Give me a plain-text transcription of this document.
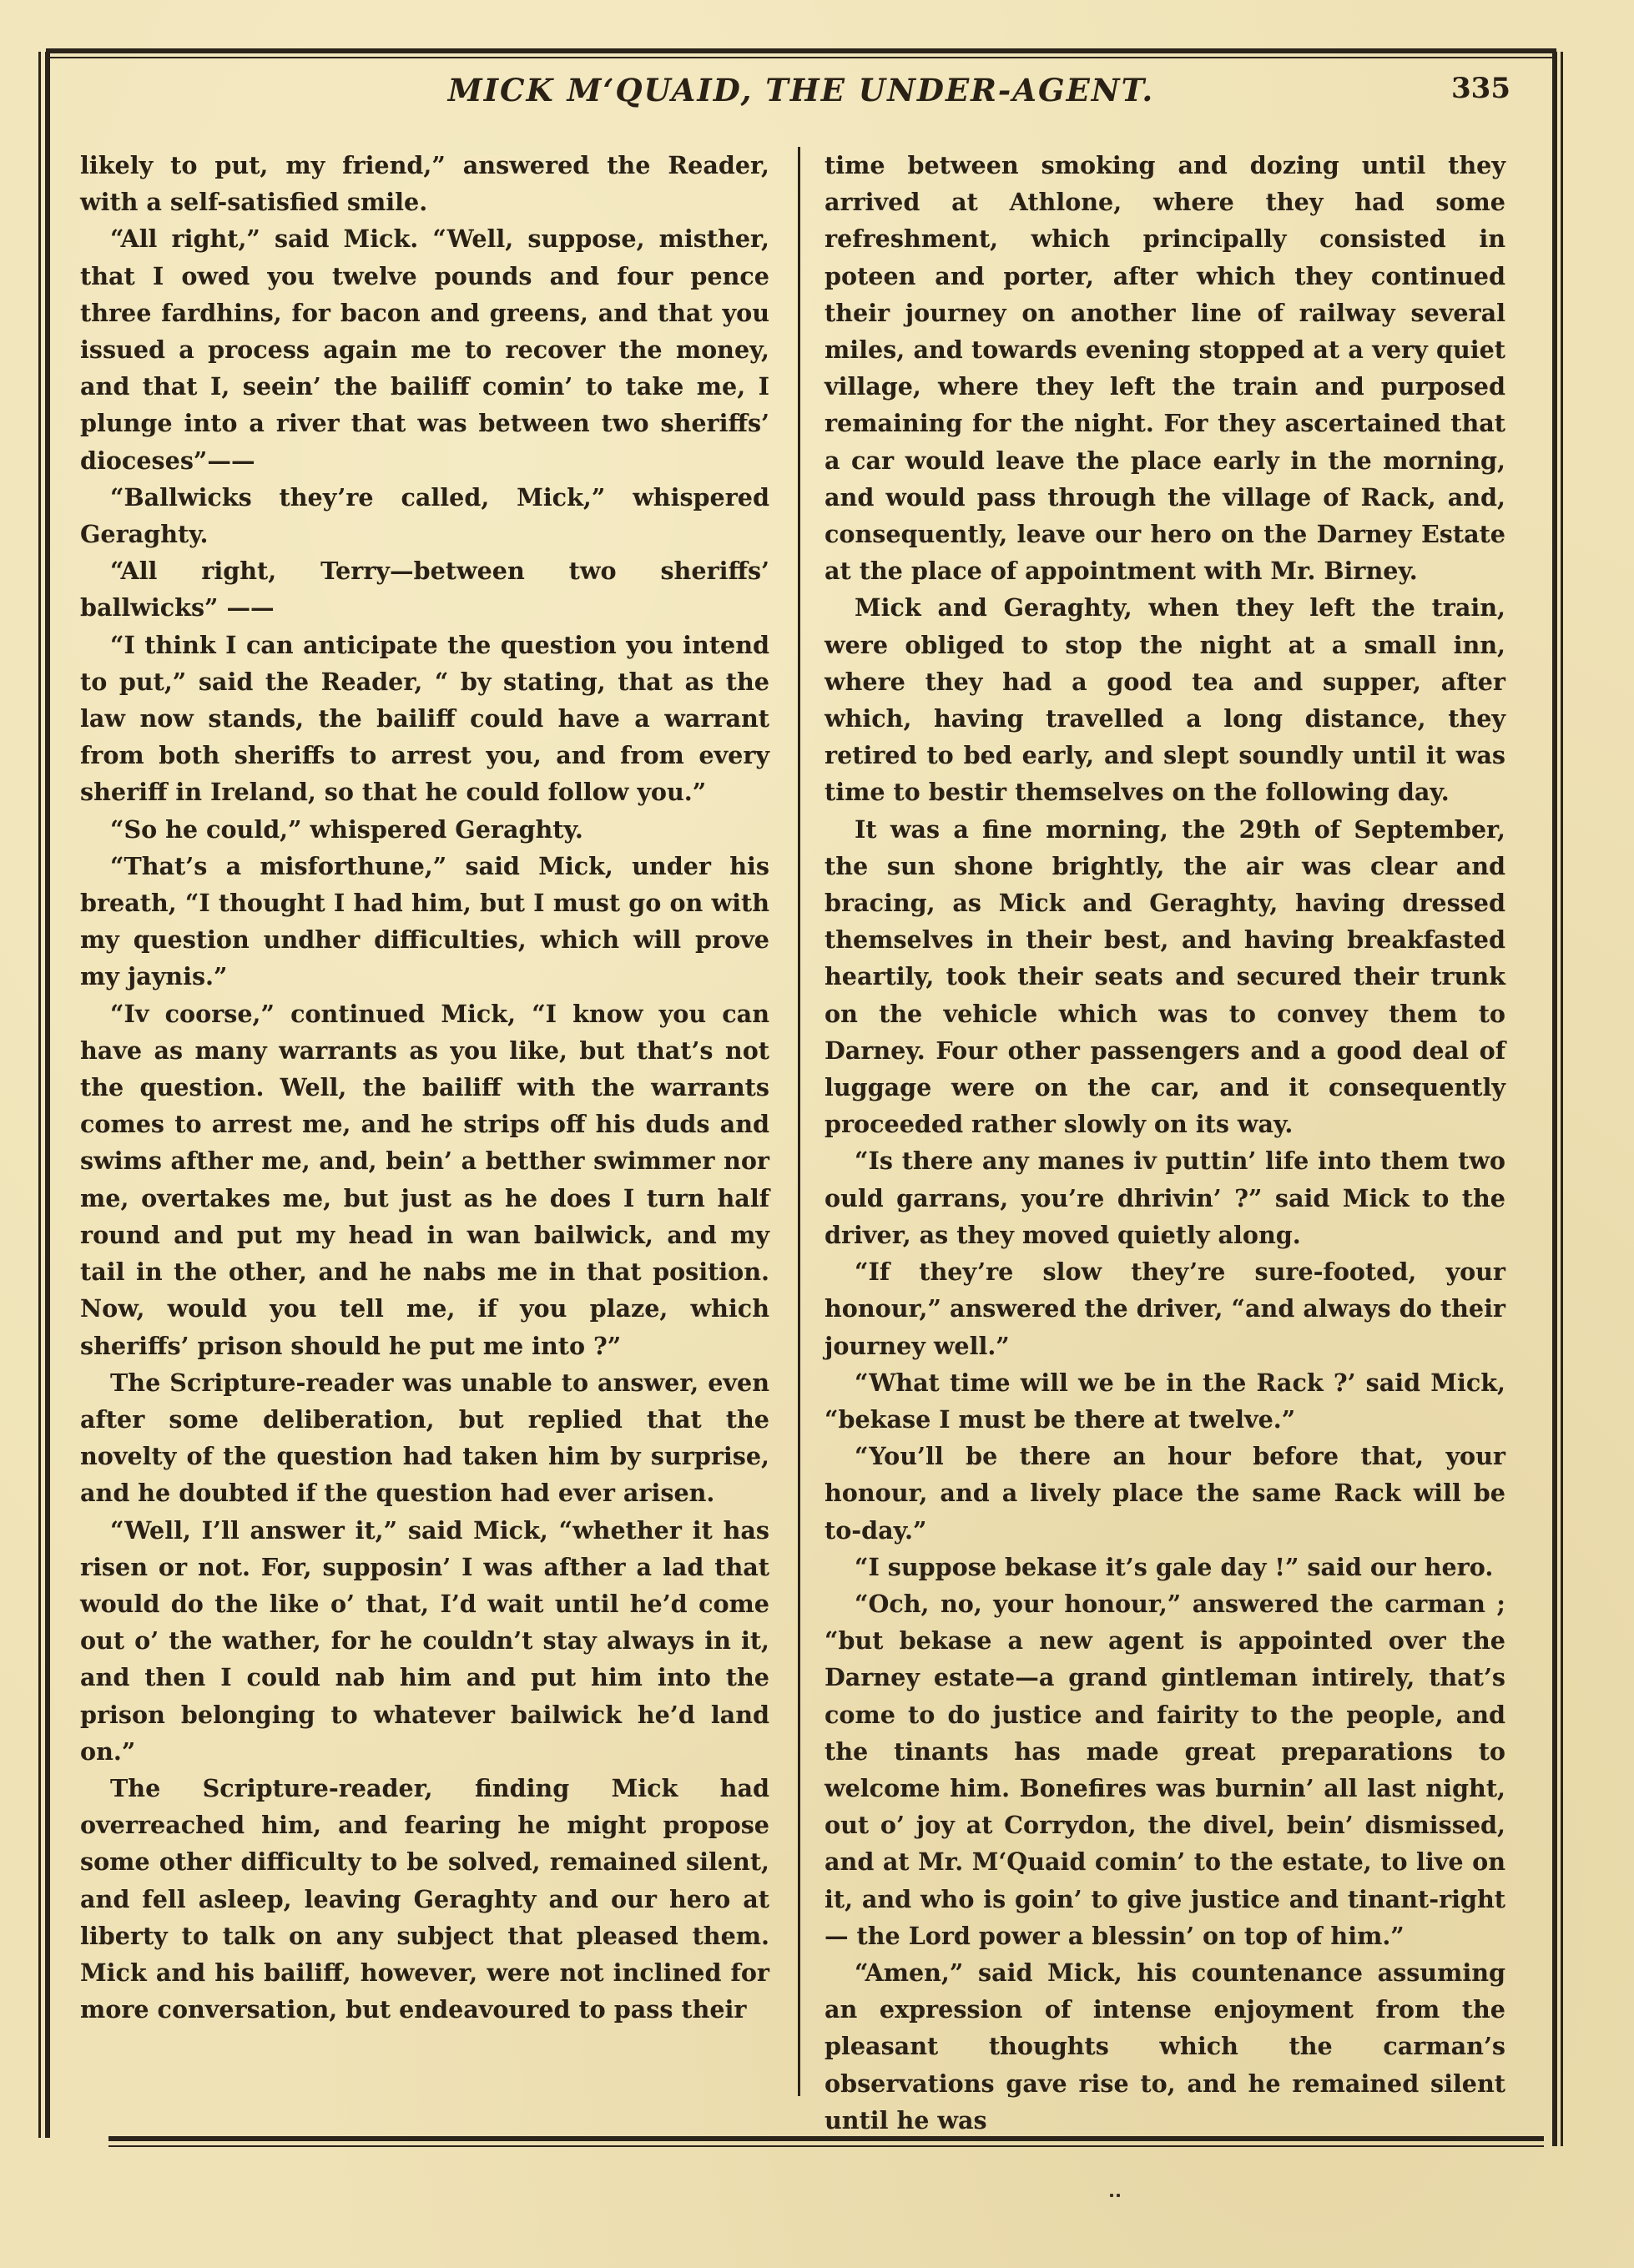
MICK M‘QUAID, THE UNDER-AGENT.	335

likely to put, my friend,” answered the Reader, with a self-satisfied smile.

“All right,” said Mick. “Well, suppose, misther, that I owed you twelve pounds and four pence three fardhins, for bacon and greens, and that you issued a process again me to recover the money, and that I, seein’ the bailiff comin’ to take me, I plunge into a river that was between two sheriffs’ dioceses”——

“Ballwicks they’re called, Mick,” whispered Geraghty.

“All right, Terry—between two sheriffs’ ballwicks” ——

“I think I can anticipate the question you intend to put,” said the Reader, “ by stating, that as the law now stands, the bailiff could have a warrant from both sheriffs to arrest you, and from every sheriff in Ireland, so that he could follow you.”

“So he could,” whispered Geraghty.

“That’s a misforthune,” said Mick, under his breath, “I thought I had him, but I must go on with my question undher difficulties, which will prove my jaynis.”

“Iv coorse,” continued Mick, “I know you can have as many warrants as you like, but that’s not the question. Well, the bailiff with the warrants comes to arrest me, and he strips off his duds and swims afther me, and, bein’ a betther swimmer nor me, overtakes me, but just as he does I turn half round and put my head in wan bailwick, and my tail in the other, and he nabs me in that position. Now, would you tell me, if you plaze, which sheriffs’ prison should he put me into ?”

The Scripture-reader was unable to answer, even after some deliberation, but replied that the novelty of the question had taken him by surprise, and he doubted if the question had ever arisen.

“Well, I’ll answer it,” said Mick, “whether it has risen or not. For, supposin’ I was afther a lad that would do the like o’ that, I’d wait until he’d come out o’ the wather, for he couldn’t stay always in it, and then I could nab him and put him into the prison belonging to whatever bailwick he’d land on.”

The Scripture-reader, finding Mick had overreached him, and fearing he might propose some other difficulty to be solved, remained silent, and fell asleep, leaving Geraghty and our hero at liberty to talk on any subject that pleased them. Mick and his bailiff, however, were not inclined for more conversation, but endeavoured to pass their

time between smoking and dozing until they arrived at Athlone, where they had some refreshment, which principally consisted in poteen and porter, after which they continued their journey on another line of railway several miles, and towards evening stopped at a very quiet village, where they left the train and purposed remaining for the night. For they ascertained that a car would leave the place early in the morning, and would pass through the village of Rack, and, consequently, leave our hero on the Darney Estate at the place of appointment with Mr. Birney.

Mick and Geraghty, when they left the train, were obliged to stop the night at a small inn, where they had a good tea and supper, after which, having travelled a long distance, they retired to bed early, and slept soundly until it was time to bestir themselves on the following day.

It was a fine morning, the 29th of September, the sun shone brightly, the air was clear and bracing, as Mick and Geraghty, having dressed themselves in their best, and having breakfasted heartily, took their seats and secured their trunk on the vehicle which was to convey them to Darney. Four other passengers and a good deal of luggage were on the car, and it consequently proceeded rather slowly on its way.

“Is there any manes iv puttin’ life into them two ould garrans, you’re dhrivin’ ?” said Mick to the driver, as they moved quietly along.

“If they’re slow they’re sure-footed, your honour,” answered the driver, “and always do their journey well.”

“What time will we be in the Rack ?’ said Mick, “bekase I must be there at twelve.”

“You’ll be there an hour before that, your honour, and a lively place the same Rack will be to-day.”

“I suppose bekase it’s gale day !” said our hero.

“Och, no, your honour,” answered the carman ; “but bekase a new agent is appointed over the Darney estate—a grand gintleman intirely, that’s come to do justice and fairity to the people, and the tinants has made great preparations to welcome him. Bonefires was burnin’ all last night, out o’ joy at Corrydon, the divel, bein’ dismissed, and at Mr. M‘Quaid comin’ to the estate, to live on it, and who is goin’ to give justice and tinant-right— the Lord power a blessin’ on top of him.”

“Amen,” said Mick, his countenance assuming an expression of intense enjoyment from the pleasant thoughts which the carman’s observations gave rise to, and he remained silent until he was
